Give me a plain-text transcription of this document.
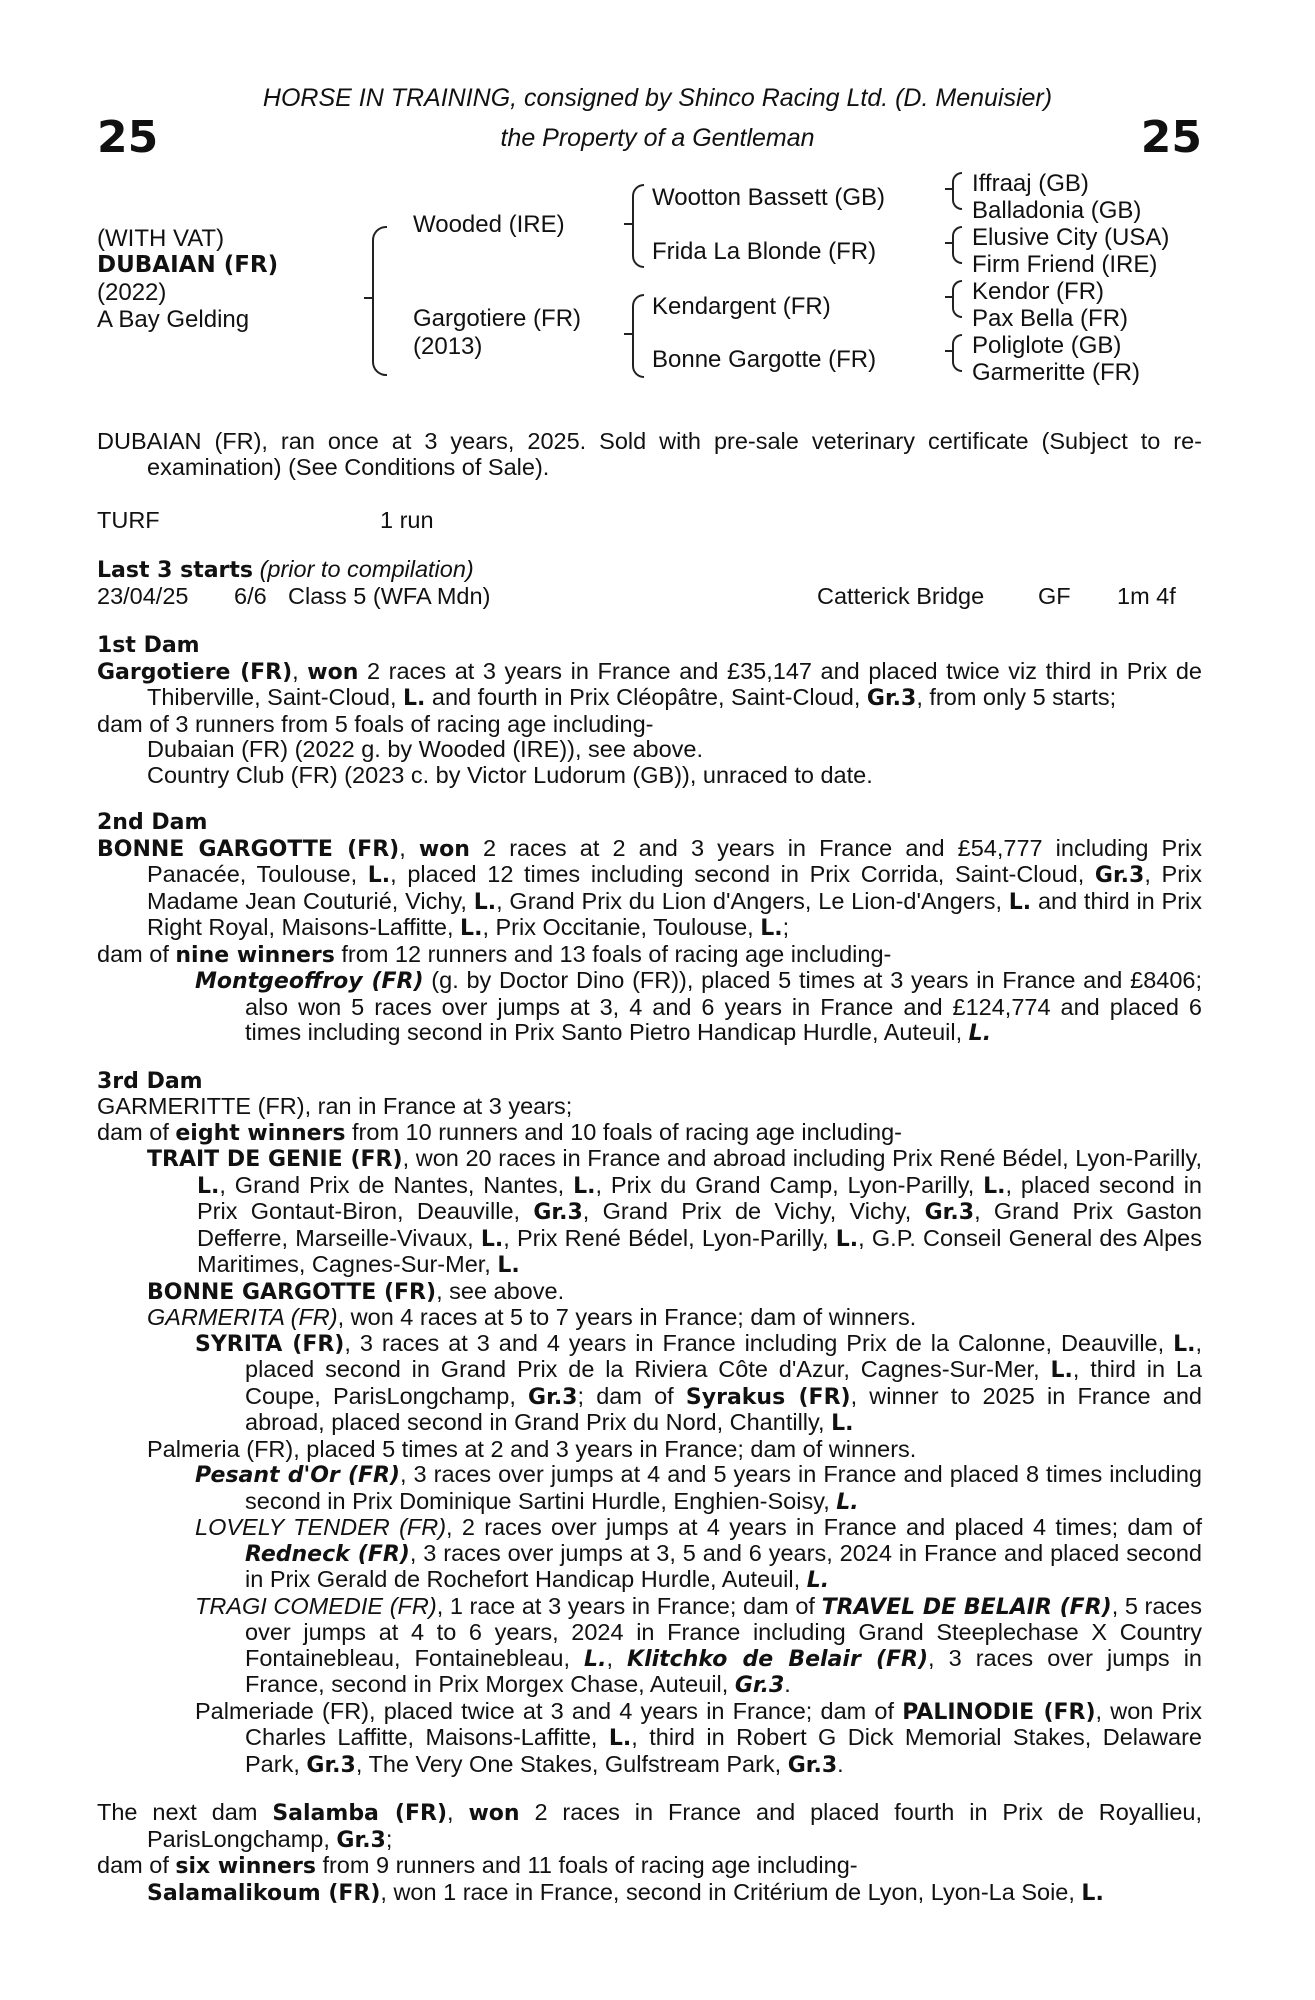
25	25
HORSE IN TRAINING, consigned by Shinco Racing Ltd. (D. Menuisier)
the Property of a Gentleman
(WITH VAT)
DUBAIAN (FR)
(2022)
A Bay Gelding
Wooded (IRE)
Gargotiere (FR)
(2013)
Wootton Bassett (GB)
Frida La Blonde (FR)
Kendargent (FR)
Bonne Gargotte (FR)
Iffraaj (GB)
Balladonia (GB)
Elusive City (USA)
Firm Friend (IRE)
Kendor (FR)
Pax Bella (FR)
Poliglote (GB)
Garmeritte (FR)

DUBAIAN (FR), ran once at 3 years, 2025. Sold with pre-sale veterinary certificate (Subject to re-examination) (See Conditions of Sale).

TURF	1 run
Last 3 starts (prior to compilation)
23/04/25 6/6 Class 5 (WFA Mdn)	Catterick Bridge GF 1m 4f

1st Dam

Gargotiere (FR), won 2 races at 3 years in France and £35,147 and placed twice viz third in Prix de Thiberville, Saint-Cloud, L. and fourth in Prix Cléopâtre, Saint-Cloud, Gr.3, from only 5 starts;

dam of 3 runners from 5 foals of racing age including-

Dubaian (FR) (2022 g. by Wooded (IRE)), see above.

Country Club (FR) (2023 c. by Victor Ludorum (GB)), unraced to date.

2nd Dam

BONNE GARGOTTE (FR), won 2 races at 2 and 3 years in France and £54,777 including Prix Panacée, Toulouse, L., placed 12 times including second in Prix Corrida, Saint-Cloud, Gr.3, Prix Madame Jean Couturié, Vichy, L., Grand Prix du Lion d'Angers, Le Lion-d'Angers, L. and third in Prix Right Royal, Maisons-Laffitte, L., Prix Occitanie, Toulouse, L.;

dam of nine winners from 12 runners and 13 foals of racing age including-

Montgeoffroy (FR) (g. by Doctor Dino (FR)), placed 5 times at 3 years in France and £8406; also won 5 races over jumps at 3, 4 and 6 years in France and £124,774 and placed 6 times including second in Prix Santo Pietro Handicap Hurdle, Auteuil, L.

3rd Dam

GARMERITTE (FR), ran in France at 3 years;

dam of eight winners from 10 runners and 10 foals of racing age including-

TRAIT DE GENIE (FR), won 20 races in France and abroad including Prix René Bédel, Lyon-Parilly, L., Grand Prix de Nantes, Nantes, L., Prix du Grand Camp, Lyon-Parilly, L., placed second in Prix Gontaut-Biron, Deauville, Gr.3, Grand Prix de Vichy, Vichy, Gr.3, Grand Prix Gaston Defferre, Marseille-Vivaux, L., Prix René Bédel, Lyon-Parilly, L., G.P. Conseil General des Alpes Maritimes, Cagnes-Sur-Mer, L.

BONNE GARGOTTE (FR), see above.

GARMERITA (FR), won 4 races at 5 to 7 years in France; dam of winners.

SYRITA (FR), 3 races at 3 and 4 years in France including Prix de la Calonne, Deauville, L., placed second in Grand Prix de la Riviera Côte d'Azur, Cagnes-Sur-Mer, L., third in La Coupe, ParisLongchamp, Gr.3; dam of Syrakus (FR), winner to 2025 in France and abroad, placed second in Grand Prix du Nord, Chantilly, L.

Palmeria (FR), placed 5 times at 2 and 3 years in France; dam of winners.

Pesant d'Or (FR), 3 races over jumps at 4 and 5 years in France and placed 8 times including second in Prix Dominique Sartini Hurdle, Enghien-Soisy, L.

LOVELY TENDER (FR), 2 races over jumps at 4 years in France and placed 4 times; dam of Redneck (FR), 3 races over jumps at 3, 5 and 6 years, 2024 in France and placed second in Prix Gerald de Rochefort Handicap Hurdle, Auteuil, L.

TRAGI COMEDIE (FR), 1 race at 3 years in France; dam of TRAVEL DE BELAIR (FR), 5 races over jumps at 4 to 6 years, 2024 in France including Grand Steeplechase X Country Fontainebleau, Fontainebleau, L., Klitchko de Belair (FR), 3 races over jumps in France, second in Prix Morgex Chase, Auteuil, Gr.3.

Palmeriade (FR), placed twice at 3 and 4 years in France; dam of PALINODIE (FR), won Prix Charles Laffitte, Maisons-Laffitte, L., third in Robert G Dick Memorial Stakes, Delaware Park, Gr.3, The Very One Stakes, Gulfstream Park, Gr.3.

The next dam Salamba (FR), won 2 races in France and placed fourth in Prix de Royallieu, ParisLongchamp, Gr.3;

dam of six winners from 9 runners and 11 foals of racing age including-

Salamalikoum (FR), won 1 race in France, second in Critérium de Lyon, Lyon-La Soie, L.
